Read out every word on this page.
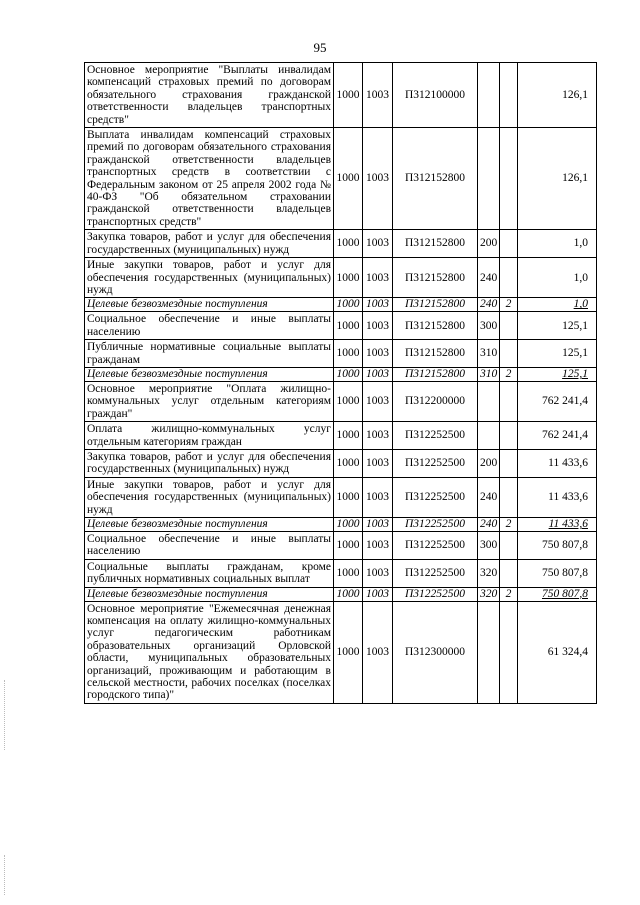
95
Основное мероприятие "Выплаты инвалидам компенсаций страховых премий по договорам обязательного страхования гражданской ответственности владельцев транспортных средств"	1000	1003	П312100000			126,1
Выплата инвалидам компенсаций страховых премий по договорам обязательного страхования гражданской ответственности владельцев транспортных средств в соответствии с Федеральным законом от 25 апреля 2002 года № 40-ФЗ "Об обязательном страховании гражданской ответственности владельцев транспортных средств"	1000	1003	П312152800			126,1
Закупка товаров, работ и услуг для обеспечения государственных (муниципальных) нужд	1000	1003	П312152800	200		1,0
Иные закупки товаров, работ и услуг для обеспечения государственных (муниципальных) нужд	1000	1003	П312152800	240		1,0
Целевые безвозмездные поступления	1000	1003	П312152800	240	2	1,0
Социальное обеспечение и иные выплаты населению	1000	1003	П312152800	300		125,1
Публичные нормативные социальные выплаты гражданам	1000	1003	П312152800	310		125,1
Целевые безвозмездные поступления	1000	1003	П312152800	310	2	125,1
Основное мероприятие "Оплата жилищно-коммунальных услуг отдельным категориям граждан"	1000	1003	П312200000			762 241,4
Оплата жилищно-коммунальных услуг отдельным категориям граждан	1000	1003	П312252500			762 241,4
Закупка товаров, работ и услуг для обеспечения государственных (муниципальных) нужд	1000	1003	П312252500	200		11 433,6
Иные закупки товаров, работ и услуг для обеспечения государственных (муниципальных) нужд	1000	1003	П312252500	240		11 433,6
Целевые безвозмездные поступления	1000	1003	П312252500	240	2	11 433,6
Социальное обеспечение и иные выплаты населению	1000	1003	П312252500	300		750 807,8
Социальные выплаты гражданам, кроме публичных нормативных социальных выплат	1000	1003	П312252500	320		750 807,8
Целевые безвозмездные поступления	1000	1003	П312252500	320	2	750 807,8
Основное мероприятие "Ежемесячная денежная компенсация на оплату жилищно-коммунальных услуг педагогическим работникам образовательных организаций Орловской области, муниципальных образовательных организаций, проживающим и работающим в сельской местности, рабочих поселках (поселках городского типа)"	1000	1003	П312300000			61 324,4
